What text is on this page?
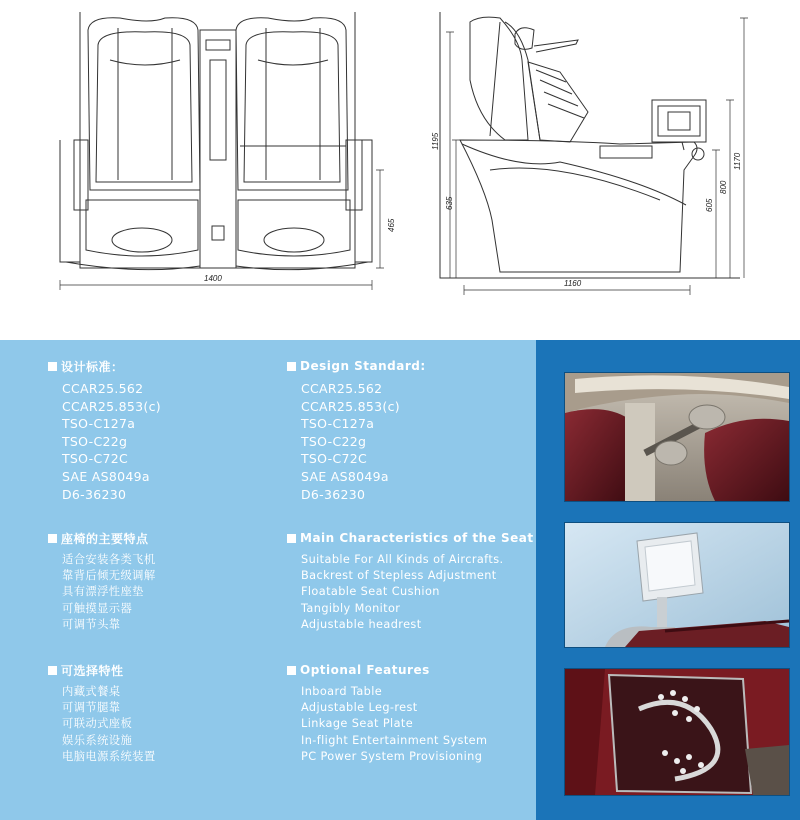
1400
465
1160
1195
635	605
800
1170
设计标准：
CCAR25.562
CCAR25.853(c)
TSO-C127a
TSO-C22g
TSO-C72C
SAE AS8049a
D6-36230
座椅的主要特点
适合安装各类飞机
靠背后倾无级调解
具有漂浮性座垫
可触摸显示器
可调节头靠
可选择特性
内藏式餐桌
可调节腿靠
可联动式座板
娱乐系统设施
电脑电源系统装置
Design Standard:
CCAR25.562
CCAR25.853(c)
TSO-C127a
TSO-C22g
TSO-C72C
SAE AS8049a
D6-36230
Main Characteristics of the Seat
Suitable For All Kinds of Aircrafts.
Backrest of Stepless Adjustment
Floatable Seat Cushion
Tangibly Monitor
Adjustable headrest
Optional Features
Inboard Table
Adjustable Leg-rest
Linkage Seat Plate
In-flight Entertainment System
PC Power System Provisioning
